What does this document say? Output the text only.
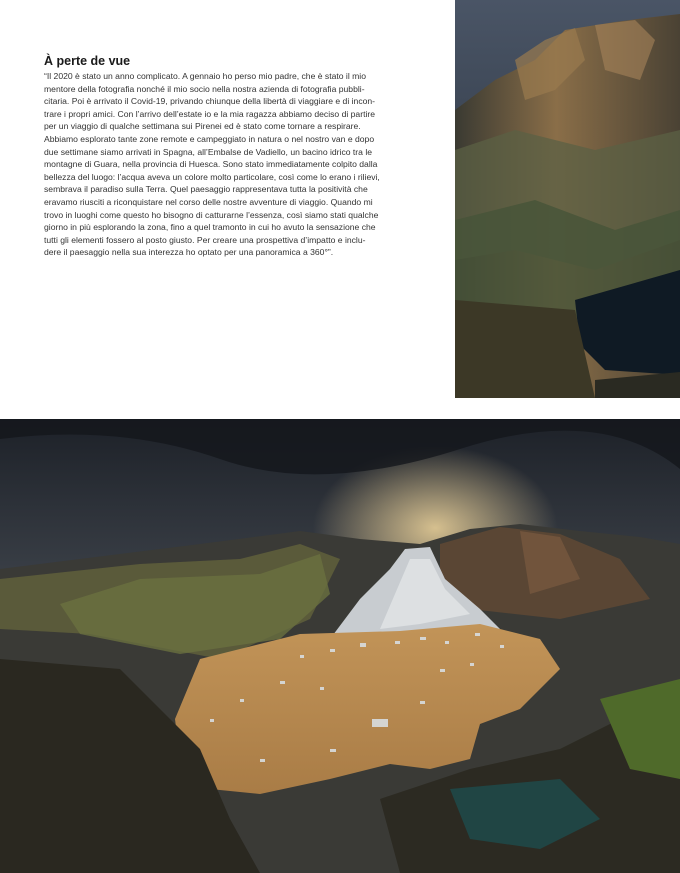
À perte de vue

“Il 2020 è stato un anno complicato. A gennaio ho perso mio padre, che è stato il mio
mentore della fotografia nonché il mio socio nella nostra azienda di fotografia pubbli-
citaria. Poi è arrivato il Covid-19, privando chiunque della libertà di viaggiare e di incon-
trare i propri amici. Con l’arrivo dell’estate io e la mia ragazza abbiamo deciso di partire
per un viaggio di qualche settimana sui Pirenei ed è stato come tornare a respirare.
Abbiamo esplorato tante zone remote e campeggiato in natura o nel nostro van e dopo
due settimane siamo arrivati in Spagna, all’Embalse de Vadiello, un bacino idrico tra le
montagne di Guara, nella provincia di Huesca. Sono stato immediatamente colpito dalla
bellezza del luogo: l’acqua aveva un colore molto particolare, così come lo erano i rilievi,
sembrava il paradiso sulla Terra. Quel paesaggio rappresentava tutta la positività che
eravamo riusciti a riconquistare nel corso delle nostre avventure di viaggio. Quando mi
trovo in luoghi come questo ho bisogno di catturarne l’essenza, così siamo stati qualche
giorno in più esplorando la zona, fino a quel tramonto in cui ho avuto la sensazione che
tutti gli elementi fossero al posto giusto. Per creare una prospettiva d’impatto e inclu-
dere il paesaggio nella sua interezza ho optato per una panoramica a 360°”.
